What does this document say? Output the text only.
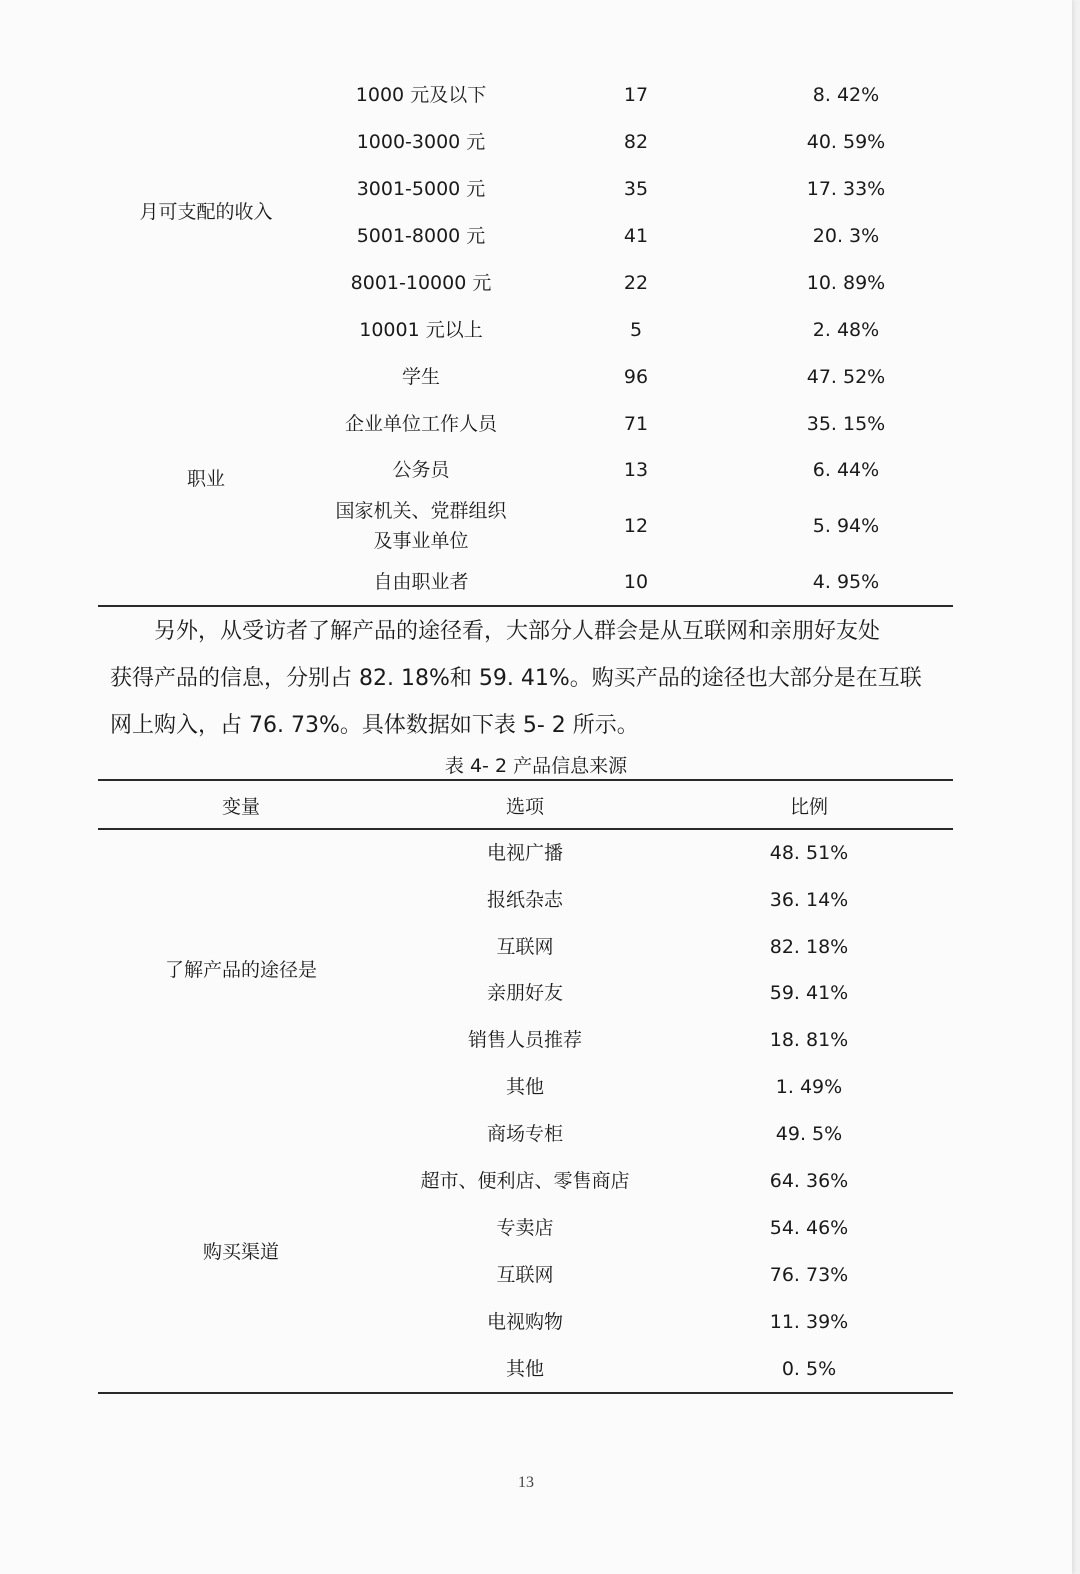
月可支配的收入
1000 元及以下	17	8. 42%
1000-3000 元	82	40. 59%
3001-5000 元	35	17. 33%
5001-8000 元	41	20. 3%
8001-10000 元	22	10. 89%
10001 元以上	5	2. 48%
职业
学生	96	47. 52%
企业单位工作人员	71	35. 15%
公务员	13	6. 44%
国家机关、党群组织
及事业单位
12	5. 94%
自由职业者	10	4. 95%
另外，从受访者了解产品的途径看，大部分人群会是从互联网和亲朋好友处
获得产品的信息，分别占 82. 18%和 59. 41%。购买产品的途径也大部分是在互联
网上购入，占 76. 73%。具体数据如下表 5- 2 所示。
表 4- 2 产品信息来源
变量	选项	比例
了解产品的途径是
电视广播	48. 51%
报纸杂志	36. 14%
互联网	82. 18%
亲朋好友	59. 41%
销售人员推荐	18. 81%
其他	1. 49%
购买渠道
商场专柜	49. 5%
超市、便利店、零售商店	64. 36%
专卖店	54. 46%
互联网	76. 73%
电视购物	11. 39%
其他	0. 5%
13
